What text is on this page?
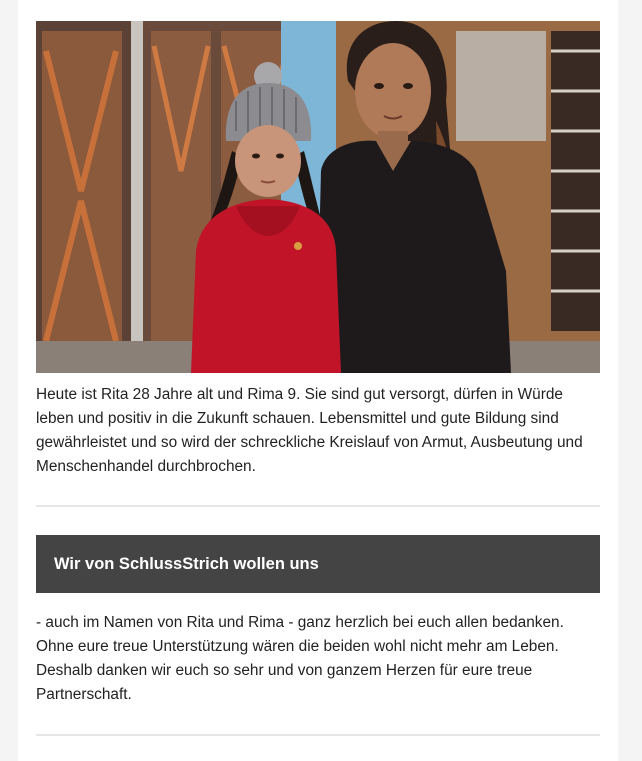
Heute ist Rita 28 Jahre alt und Rima 9. Sie sind gut versorgt, dürfen in Würde leben und positiv in die Zukunft schauen. Lebensmittel und gute Bildung sind gewährleistet und so wird der schreckliche Kreislauf von Armut, Ausbeutung und Menschenhandel durchbrochen.

Wir von SchlussStrich wollen uns

- auch im Namen von Rita und Rima - ganz herzlich bei euch allen bedanken. Ohne eure treue Unterstützung wären die beiden wohl nicht mehr am Leben. Deshalb danken wir euch so sehr und von ganzem Herzen für eure treue Partnerschaft.
